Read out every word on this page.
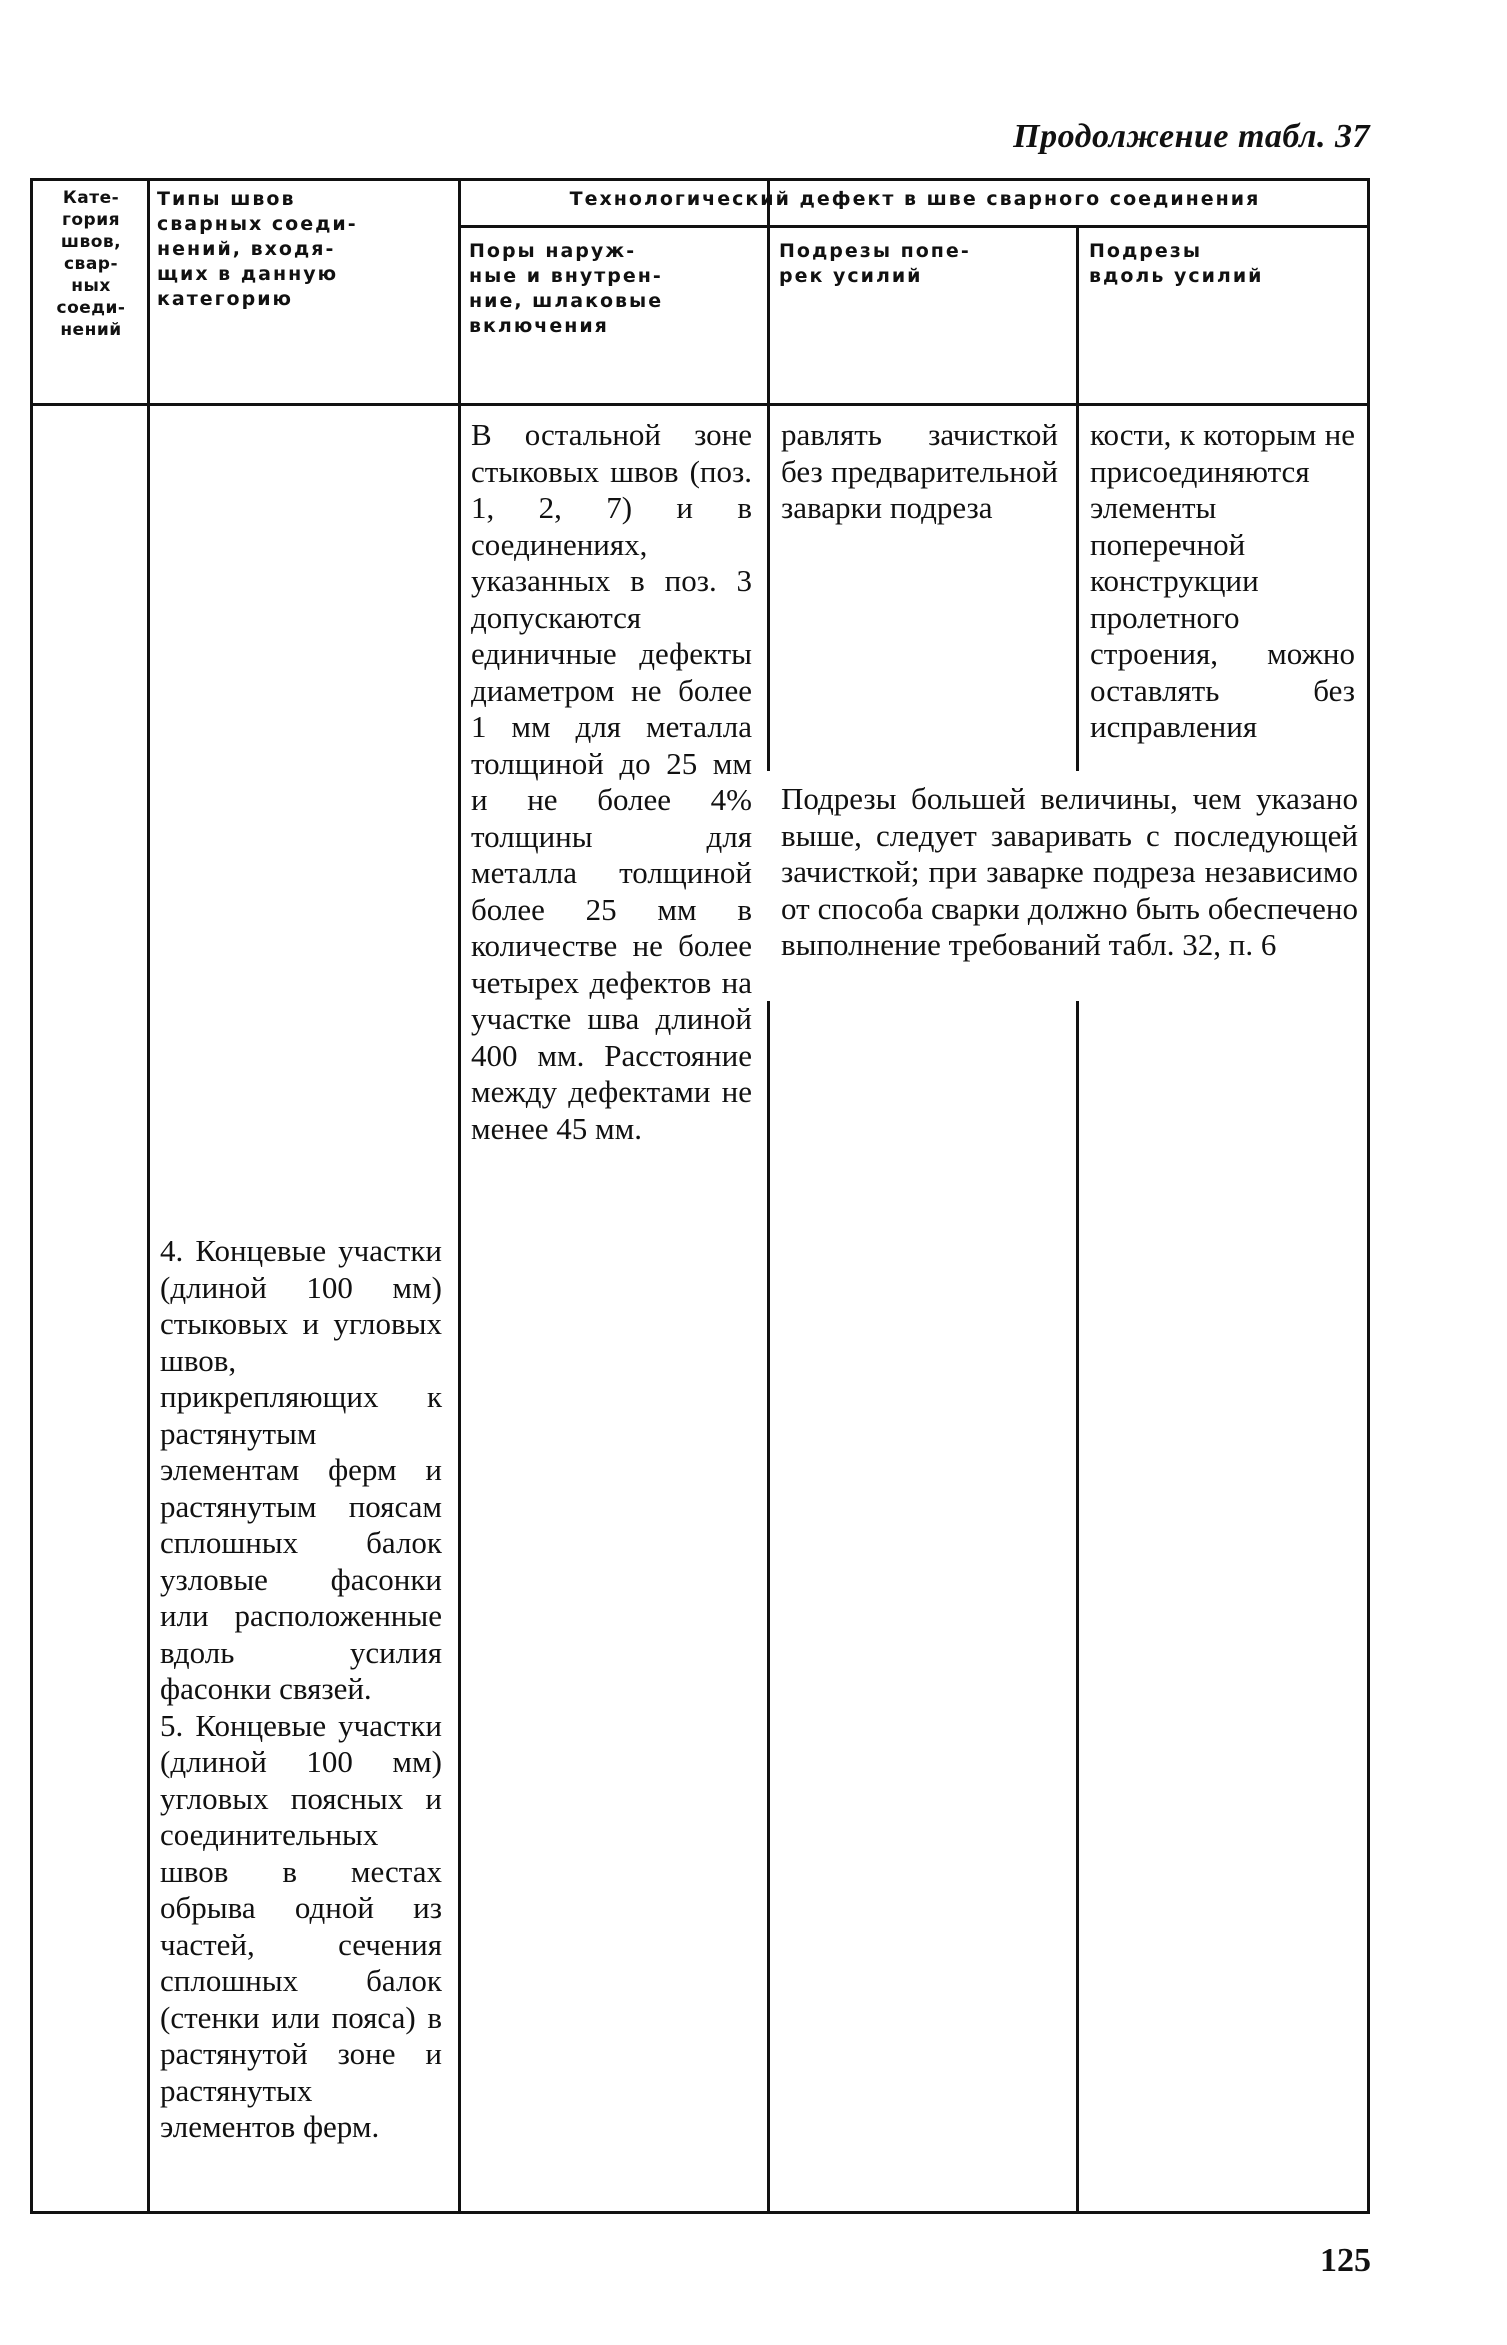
Продолжение табл. 37
Кате-
гория
швов,
свар-
ных
соеди-
нений
Типы швов
сварных соеди-
нений, входя-
щих в данную
категорию
Технологический дефект в шве сварного соединения
Поры наруж-
ные и внутрен-
ние, шлаковые
включения
Подрезы попе-
рек усилий
Подрезы
вдоль усилий

В остальной зоне стыковых швов (поз. 1, 2, 7) и в соединениях, указанных в поз. 3 допускаются единичные дефекты диаметром не более 1 мм для металла толщиной до 25 мм и не более 4% толщины для металла толщиной более 25 мм в количестве не более четырех дефектов на участке шва длиной 400 мм. Расстояние между дефектами не менее 45 мм.

равлять зачисткой без предварительной заварки подреза

кости, к которым не присоединяются элементы поперечной конструкции пролетного строения, можно оставлять без исправления

Подрезы большей величины, чем указано выше, следует заваривать с последующей зачисткой; при заварке подреза независимо от способа сварки должно быть обеспечено выполнение требований табл. 32, п. 6

4. Концевые участки (длиной 100 мм) стыковых и угловых швов, прикрепляющих к растянутым элементам ферм и растянутым поясам сплошных балок узловые фасонки или расположенные вдоль усилия фасонки связей.

5. Концевые участки (длиной 100 мм) угловых поясных и соединительных швов в местах обрыва одной из частей, сечения сплошных балок (стенки или пояса) в растянутой зоне и растянутых элементов ферм.

125
